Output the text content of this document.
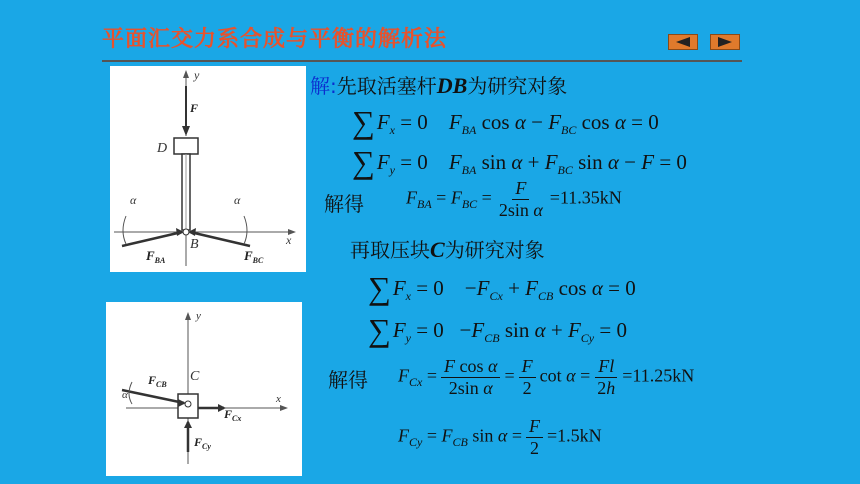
平面汇交力系合成与平衡的解析法
y
F
D
B	x
α	α
$F_{BA}$	$F_{BC}$
y
C
x
α
$F_{CB}$
$F_{Cx}$
$F_{Cy}$
解:先取活塞杆DB为研究对象
$\sum F_x = 0$    $F_{BA}$ $\cos \alpha - F_{BC}$ cos α = 0
$\sum F_y = 0$    $F_{BA}$ $\sin \alpha + F_{BC}$ sin α − F = 0
解得 $F_{BA} = F_{BC} = \frac{F}{\text{2sin α}} =11.35kN$
再取压块C为研究对象
$\sum F_x = 0$    $-F_{Cx} + F_{CB}$ cos α = 0
$\sum F_y = 0 -F_{CB}$ $\sin \alpha + F_{Cy} = 0$
解得 $F_{Cx} = \frac{\text{F cos α}}{\text{2sin α}} = \frac{F}{2}$ $\cot \alpha = \frac{Fl}{2h} =11.25kN$
$F_{Cy} = F_{CB}$ $\sin \alpha = \frac{F}{2} =1.5kN$
